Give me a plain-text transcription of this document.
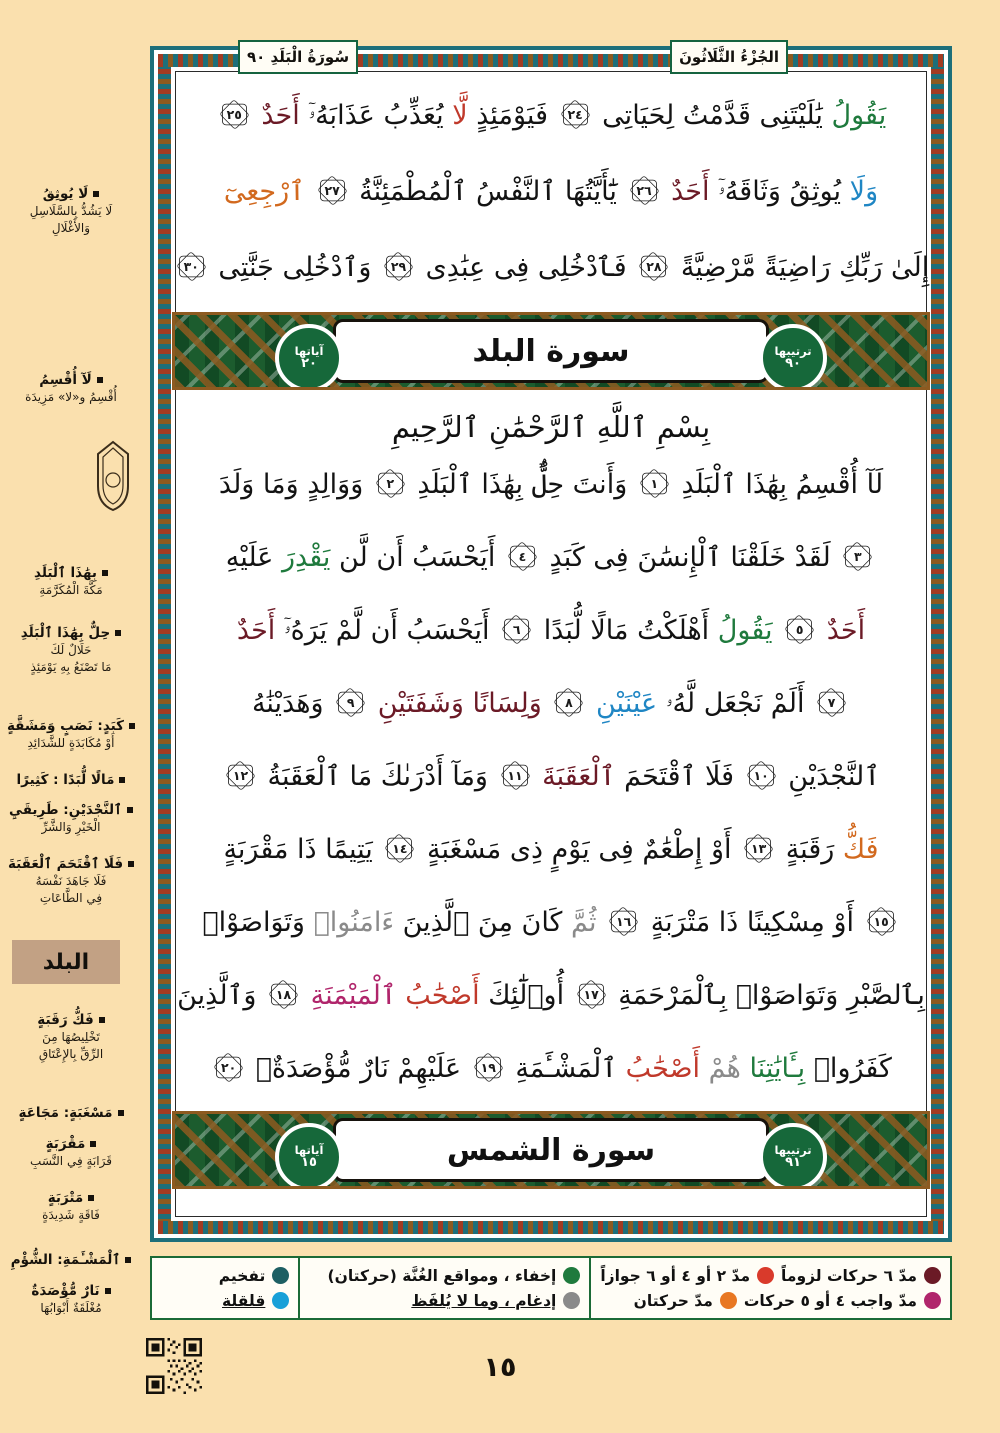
لَا يُوثِقُ
لَا يَشُدُّ بِالسَّلَاسِلِ
وَالأَغْلَالِ
لَآ أُقْسِمُ
أُقْسِمُ و«لا» مَزِيدَة
بِهَٰذَا ٱلْبَلَدِ
مَكَّةَ الْمُكَرَّمَةِ
حِلٌّ بِهَٰذَا ٱلْبَلَدِ
حَلَالٌ لَكَ
مَا تَصْنَعُ بِهِ يَوْمَئِذٍ
كَبَدٍ: نَصَبٍ وَمَشَقَّةٍ
أَوْ مُكَابَدَةٍ للشَّدَائِدِ
مَالًا لُّبَدًا : كَثِيرًا
ٱلنَّجْدَيْنِ: طَرِيقَيِ
الْخَيْرِ وَالشَّرِّ
فَلَا ٱقْتَحَمَ ٱلْعَقَبَةَ
فَلَا جَاهَدَ نَفْسَهُ
فِي الطَّاعَاتِ
فَكُّ رَقَبَةٍ
تَخْلِيصُهَا مِنَ
الرِّقِّ بِالإِعْتَاقِ
مَسْغَبَةٍ: مَجَاعَةٍ
مَقْرَبَةٍ
قَرَابَةٍ فِي النَّسَبِ
مَتْرَبَةٍ
فَاقَةٍ شَدِيدَةٍ
ٱلْمَشْـَٔمَةِ: الشُّؤْمِ
نَارٌ مُّؤْصَدَةٌ
مُغْلَقَةٌ أَبْوَابُهَا
البلد
سُورَةُ الْبَلَدِ ٩٠	الجُزْءُ الثَّلَاثُونَ
يَقُولُ يَٰلَيْتَنِى قَدَّمْتُ لِحَيَاتِى
٢٤
فَيَوْمَئِذٍ لَّا يُعَذِّبُ عَذَابَهُۥٓ أَحَدٌ
٢٥
وَلَا يُوثِقُ وَثَاقَهُۥٓ أَحَدٌ
٢٦
يَٰٓأَيَّتُهَا ٱلنَّفْسُ ٱلْمُطْمَئِنَّةُ
٢٧
ٱرْجِعِىٓ
إِلَىٰ رَبِّكِ رَاضِيَةً مَّرْضِيَّةً
٢٨
فَٱدْخُلِى فِى عِبَٰدِى
٢٩
وَٱدْخُلِى جَنَّتِى
٣٠
ترتيبها
٩٠
سورة البلد
آياتها
٢٠
بِسْمِ ٱللَّهِ ٱلرَّحْمَٰنِ ٱلرَّحِيمِ
لَآ أُقْسِمُ بِهَٰذَا ٱلْبَلَدِ
١
وَأَنتَ حِلٌّۢ بِهَٰذَا ٱلْبَلَدِ
٢
وَوَالِدٍ وَمَا وَلَدَ
٣
لَقَدْ خَلَقْنَا ٱلْإِنسَٰنَ فِى كَبَدٍ
٤
أَيَحْسَبُ أَن لَّن يَقْدِرَ عَلَيْهِ
أَحَدٌ
٥
يَقُولُ أَهْلَكْتُ مَالًا لُّبَدًا
٦
أَيَحْسَبُ أَن لَّمْ يَرَهُۥٓ أَحَدٌ
٧
أَلَمْ نَجْعَل لَّهُۥ عَيْنَيْنِ
٨
وَلِسَانًا وَشَفَتَيْنِ
٩
وَهَدَيْنَٰهُ
ٱلنَّجْدَيْنِ
١٠
فَلَا ٱقْتَحَمَ ٱلْعَقَبَةَ
١١
وَمَآ أَدْرَىٰكَ مَا ٱلْعَقَبَةُ
١٢
فَكُّ رَقَبَةٍ
١٣
أَوْ إِطْعَٰمٌ فِى يَوْمٍ ذِى مَسْغَبَةٍ
١٤
يَتِيمًا ذَا مَقْرَبَةٍ
١٥
أَوْ مِسْكِينًا ذَا مَتْرَبَةٍ
١٦
ثُمَّ كَانَ مِنَ ٱلَّذِينَ ءَامَنُوا۟ وَتَوَاصَوْا۟
بِٱلصَّبْرِ وَتَوَاصَوْا۟ بِٱلْمَرْحَمَةِ
١٧
أُو۟لَٰٓئِكَ أَصْحَٰبُ ٱلْمَيْمَنَةِ
١٨
وَٱلَّذِينَ
كَفَرُوا۟ بِـَٔايَٰتِنَا هُمْ أَصْحَٰبُ ٱلْمَشْـَٔمَةِ
١٩
عَلَيْهِمْ نَارٌ مُّؤْصَدَةٌۢ
٢٠
ترتيبها
٩١
سورة الشمس
آياتها
١٥
مدّ ٦ حركات لزوماً
مدّ ٢ أو ٤ أو ٦ جوازاً
مدّ واجب ٤ أو ٥ حركات
مدّ حركتان
إخفاء ، ومواقع الغُنَّة (حركتان)
إدغام ، وما لا يُلفَظ
تفخيم
قلقلة
١٥
